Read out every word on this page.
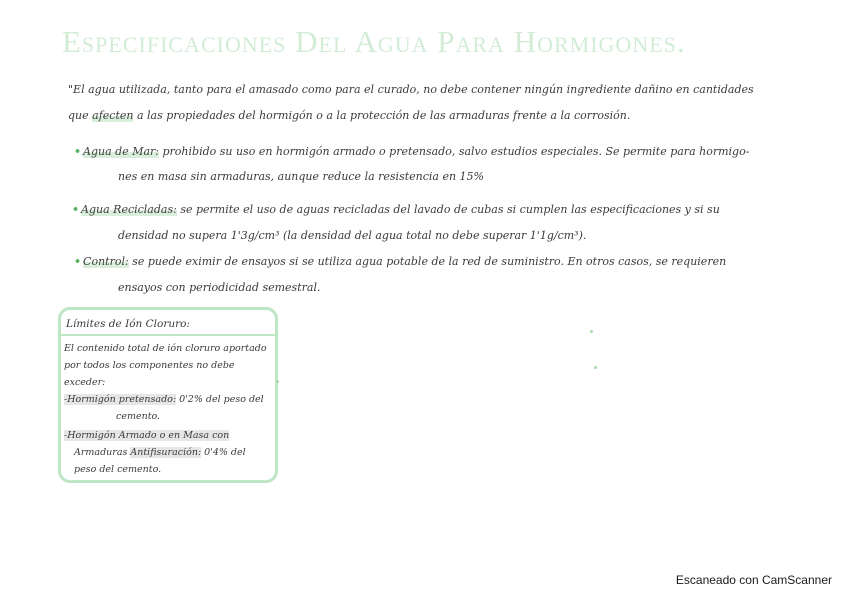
Especificaciones Del Agua Para Hormigones.
"El agua utilizada, tanto para el amasado como para el curado, no debe contener ningún ingrediente dañino en cantidades
que afecten a las propiedades del hormigón o a la protección de las armaduras frente a la corrosión.
• Agua de Mar: prohibido su uso en hormigón armado o pretensado, salvo estudios especiales. Se permite para hormigo-
nes en masa sin armaduras, aunque reduce la resistencia en 15%
• Agua Recicladas: se permite el uso de aguas recicladas del lavado de cubas si cumplen las especificaciones y si su
densidad no supera 1'3g/cm³ (la densidad del agua total no debe superar 1'1g/cm³).
• Control: se puede eximir de ensayos si se utiliza agua potable de la red de suministro. En otros casos, se requieren
ensayos con periodicidad semestral.
Límites de Ión Cloruro:
El contenido total de ión cloruro aportado
por todos los componentes no debe
exceder:
-Hormigón pretensado: 0'2% del peso del
cemento.
-Hormigón Armado o en Masa con
Armaduras Antifisuración: 0'4% del
peso del cemento.
Escaneado con CamScanner
